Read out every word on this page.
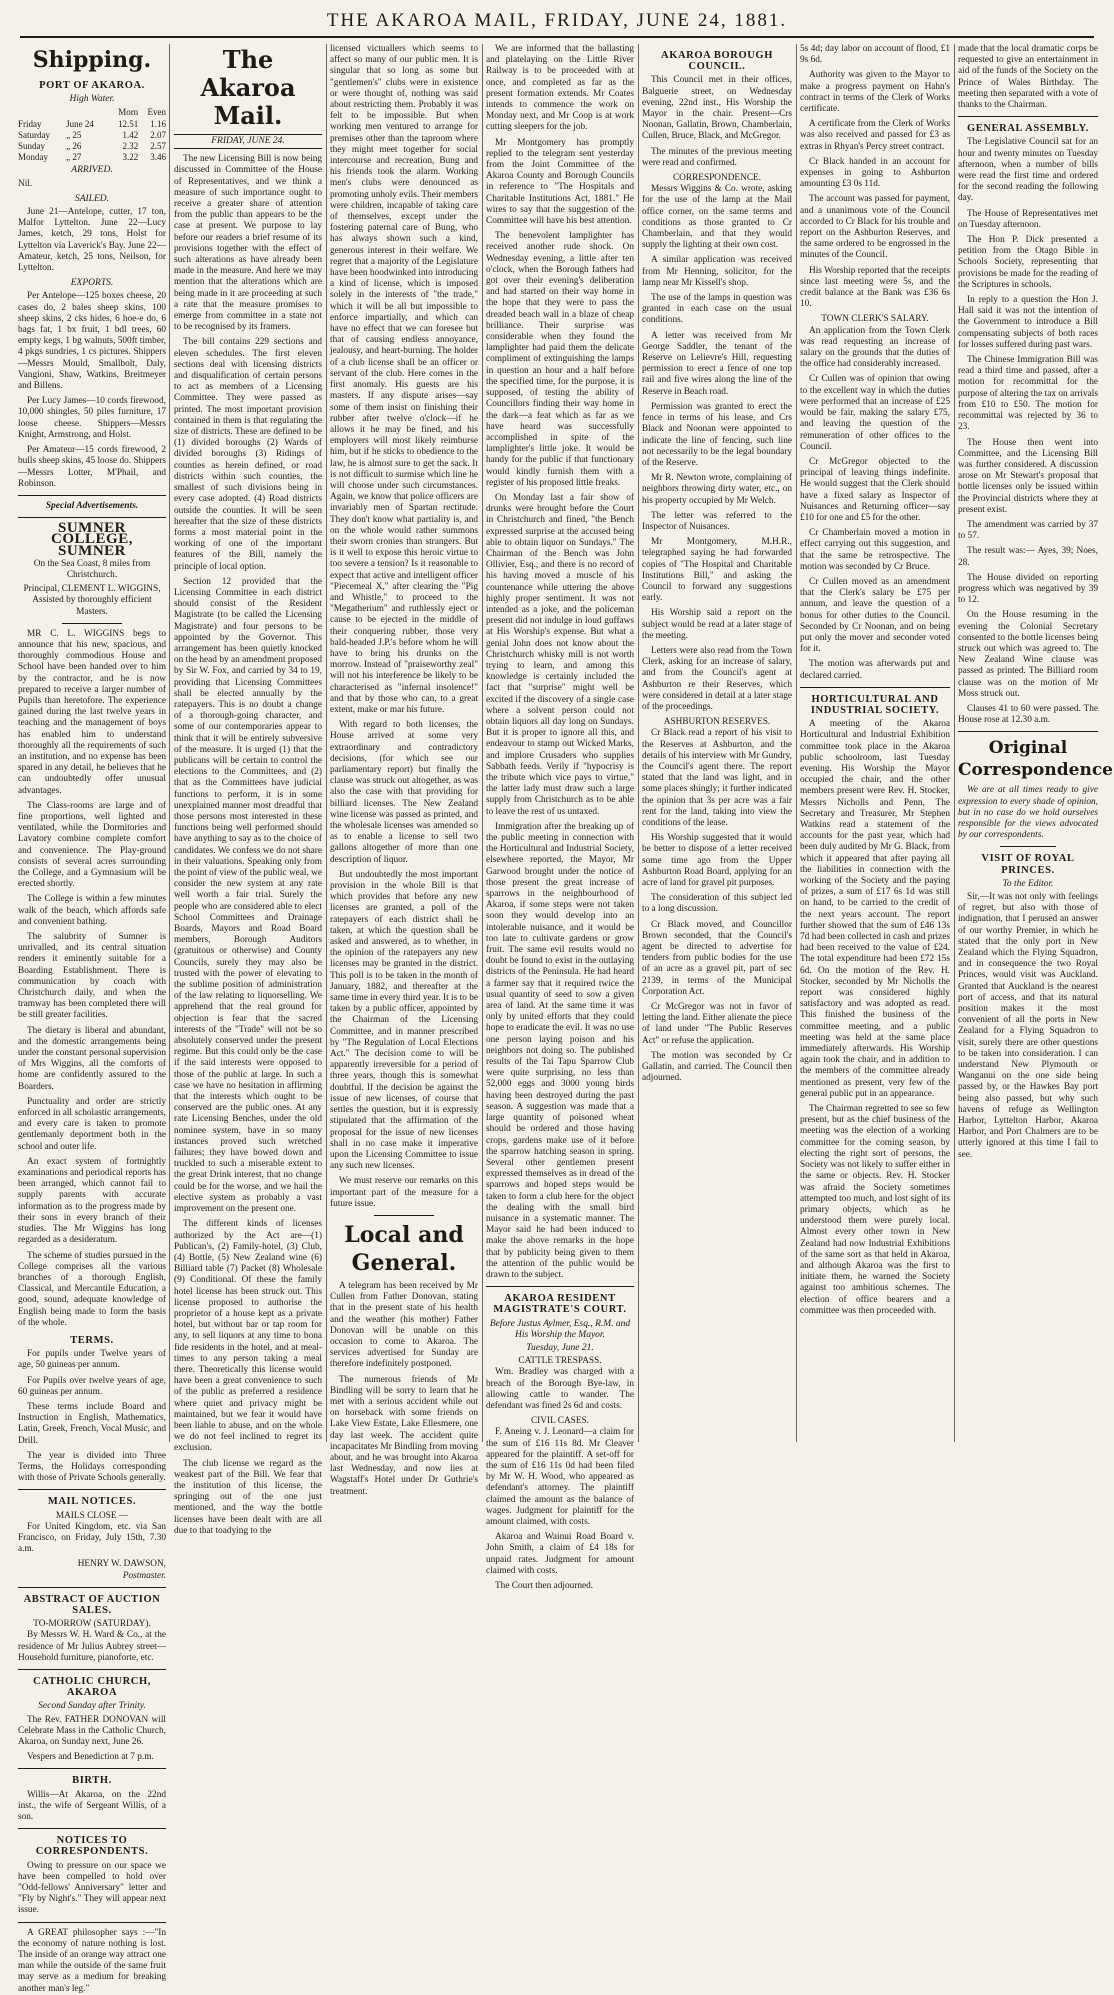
THE AKAROA MAIL, FRIDAY, JUNE 24, 1881.
Shipping.
PORT OF AKAROA.
High Water.
		Morn	Even
Friday	June 24	12.51	1.16
Saturday	„ 25	1.42	2.07
Sunday	„ 26	2.32	2.57
Monday	„ 27	3.22	3.46
ARRIVED.

Nil.

SAILED.

June 21—Antelope, cutter, 17 ton, Malfor Lyttelton. June 22—Lucy James, ketch, 29 tons, Holst for Lyttelton via Laverick's Bay. June 22—Amateur, ketch, 25 tons, Neilson, for Lyttelton.

EXPORTS.

Per Antelope—125 boxes cheese, 20 cases do, 2 bales sheep skins, 100 sheep skins, 2 cks hides, 6 hoe-e do, 6 bags fat, 1 bx fruit, 1 bdl trees, 60 empty kegs, 1 bg walnuts, 500ft timber, 4 pkgs sundries, 1 cs pictures. Shippers—Messrs Mould, Smallbolt, Daly, Vangioni, Shaw, Watkins, Breitmeyer and Billens.

Per Lucy James—10 cords firewood, 10,000 shingles, 50 piles furniture, 17 loose cheese. Shippers—Messrs Knight, Armstrong, and Holst.

Per Amateur—15 cords firewood, 2 bulls sheep skins, 45 loose do. Shippers—Messrs Lotter, M'Phail, and Robinson.

Special Advertisements.
SUMNER COLLEGE, SUMNER
On the Sea Coast, 8 miles from Christchurch.
Principal, CLEMENT L. WIGGINS,
Assisted by thoroughly efficient Masters.

MR C. L. WIGGINS begs to announce that his new, spacious, and thoroughly commodious House and School have been handed over to him by the contractor, and he is now prepared to receive a larger number of Pupils than heretofore. The experience gained during the last twelve years in teaching and the management of boys has enabled him to understand thoroughly all the requirements of such an institution, and no expense has been spared in any detail, he believes that he can undoubtedly offer unusual advantages.

The Class-rooms are large and of fine proportions, well lighted and ventilated, while the Dormitories and Lavatory combine complete comfort and convenience. The Play-ground consists of several acres surrounding the College, and a Gymnasium will be erected shortly.

The College is within a few minutes walk of the beach, which affords safe and convenient bathing.

The salubrity of Sumner is unrivalled, and its central situation renders it eminently suitable for a Boarding Establishment. There is communication by coach with Christchurch daily, and when the tramway has been completed there will be still greater facilities.

The dietary is liberal and abundant, and the domestic arrangements being under the constant personal supervision of Mrs Wiggins, all the comforts of home are confidently assured to the Boarders.

Punctuality and order are strictly enforced in all scholastic arrangements, and every care is taken to promote gentlemanly deportment both in the school and outer life.

An exact system of fortnightly examinations and periodical reports has been arranged, which cannot fail to supply parents with accurate information as to the progress made by their sons in every branch of their studies. The Mr Wiggins has long regarded as a desideratum.

The scheme of studies pursued in the College comprises all the various branches of a thorough English, Classical, and Mercantile Education, a good, sound, adequate knowledge of English being made to form the basis of the whole.

TERMS.

For pupils under Twelve years of age, 50 guineas per annum.

For Pupils over twelve years of age, 60 guineas per annum.

These terms include Board and Instruction in English, Mathematics, Latin, Greek, French, Vocal Music, and Drill.

The year is divided into Three Terms, the Holidays corresponding with those of Private Schools generally.

MAIL NOTICES.
MAILS CLOSE —

For United Kingdom, etc. via San Francisco, on Friday, July 15th, 7.30 a.m.

HENRY W. DAWSON,
Postmaster.
ABSTRACT OF AUCTION SALES.
TO-MORROW (SATURDAY).

By Messrs W. H. Ward & Co., at the residence of Mr Julius Aubrey street—Household furniture, pianoforte, etc.

CATHOLIC CHURCH, AKAROA
Second Sunday after Trinity.

The Rev. FATHER DONOVAN will Celebrate Mass in the Catholic Church, Akaroa, on Sunday next, June 26.

Vespers and Benediction at 7 p.m.

BIRTH.

Willis—At Akaroa, on the 22nd inst., the wife of Sergeant Willis, of a son.

NOTICES TO CORRESPONDENTS.

Owing to pressure on our space we have been compelled to hold over "Odd-fellows' Anniversary" letter and "Fly by Night's." They will appear next issue.

A GREAT philosopher says :—"In the economy of nature nothing is lost. The inside of an orange way attract one man while the outside of the same fruit may serve as a medium for breaking another man's leg."

The Akaroa Mail.
FRIDAY, JUNE 24.

The new Licensing Bill is now being discussed in Committee of the House of Representatives, and we think a measure of such importance ought to receive a greater share of attention from the public than appears to be the case at present. We purpose to lay before our readers a brief resume of its provisions together with the effect of such alterations as have already been made in the measure. And here we may mention that the alterations which are being made in it are proceeding at such a rate that the measure promises to emerge from committee in a state not to be recognised by its framers.

The bill contains 229 sections and eleven schedules. The first eleven sections deal with licensing districts and disqualification of certain persons to act as members of a Licensing Committee. They were passed as printed. The most important provision contained in them is that regulating the size of districts. These are defined to be (1) divided boroughs (2) Wards of divided boroughs (3) Ridings of counties as herein defined, or road districts within such counties, the smallest of such divisions being in every case adopted. (4) Road districts outside the counties. It will be seen hereafter that the size of these districts forms a most material point in the working of one of the important features of the Bill, namely the principle of local option.

Section 12 provided that the Licensing Committee in each district should consist of the Resident Magistrate (to be called the Licensing Magistrate) and four persons to be appointed by the Governor. This arrangement has been quietly knocked on the head by an amendment proposed by Sir W. Fox, and carried by 34 to 19, providing that Licensing Committees shall be elected annually by the ratepayers. This is no doubt a change of a thorough-going character, and some of our contemporaries appear to think that it will be entirely subversive of the measure. It is urged (1) that the publicans will be certain to control the elections to the Committees, and (2) that as the Committees have judicial functions to perform, it is in some unexplained manner most dreadful that those persons most interested in these functions being well performed should have anything to say as to the choice of candidates. We confess we do not share in their valuations. Speaking only from the point of view of the public weal, we consider the new system at any rate well worth a fair trial. Surely the people who are considered able to elect School Committees and Drainage Boards, Mayors and Road Board members, Borough Auditors (gratuitous or otherwise) and County Councils, surely they may also be trusted with the power of elevating to the sublime position of administration of the law relating to liquorselling. We apprehend that the real ground for objection is fear that the sacred interests of the "Trade" will not be so absolutely conserved under the present regime. But this could only be the case if the said interests were opposed to those of the public at large. In such a case we have no hesitation in affirming that the interests which ought to be conserved are the public ones. At any rate Licensing Benches, under the old nominee system, have in so many instances proved such wretched failures; they have bowed down and truckled to such a miserable extent to the great Drink interest, that no change could be for the worse, and we hail the elective system as probably a vast improvement on the present one.

The different kinds of licenses authorized by the Act are—(1) Publican's, (2) Family-hotel, (3) Club, (4) Bottle, (5) New Zealand wine (6) Billiard table (7) Packet (8) Wholesale (9) Conditional. Of these the family hotel license has been struck out. This license proposed to authorise the proprietor of a house kept as a private hotel, but without bar or tap room for any, to sell liquors at any time to bona fide residents in the hotel, and at meal-times to any person taking a meal there. Theoretically this license would have been a great convenience to such of the public as preferred a residence where quiet and privacy might be maintained, but we fear it would have been liable to abuse, and on the whole we do not feel inclined to regret its exclusion.

The club license we regard as the weakest part of the Bill. We fear that the institution of this license, the springing out of the one just mentioned, and the way the bottle licenses have been dealt with are all due to that toadying to the

licensed victuallers which seems to affect so many of our public men. It is singular that so long as some but "gentlemen's" clubs were in existence or were thought of, nothing was said about restricting them. Probably it was felt to be impossible. But when working men ventured to arrange for premises other than the taproom where they might meet together for social intercourse and recreation, Bung and his friends took the alarm. Working men's clubs were denounced as promoting unholy evils. Their members were children, incapable of taking care of themselves, except under the fostering paternal care of Bung, who has always shown such a kind, generous interest in their welfare. We regret that a majority of the Legislature have been hoodwinked into introducing a kind of license, which is imposed solely in the interests of "the trade," which it will be all but impossible to enforce impartially, and which can have no effect that we can foresee but that of causing endless annoyance, jealousy, and heart-burning. The holder of a club license shall be an officer or servant of the club. Here comes in the first anomaly. His guests are his masters. If any dispute arises—say some of them insist on finishing their rubber after twelve o'clock—if he allows it he may be fined, and his employers will most likely reimburse him, but if he sticks to obedience to the law, he is almost sure to get the sack. It is not difficult to surmise which line he will choose under such circumstances. Again, we know that police officers are invariably men of Spartan rectitude. They don't know what partiality is, and on the whole would rather summons their sworn cronies than strangers. But is it well to expose this heroic virtue to too severe a tension? Is it reasonable to expect that active and intelligent officer "Piecemeal X," after clearing the "Pig and Whistle," to proceed to the "Megatherium" and ruthlessly eject or cause to be ejected in the middle of their conquering rubber, those very bald-headed J.P.'s before whom he will have to bring his drunks on the morrow. Instead of "praiseworthy zeal" will not his interference be likely to be characterised as "infernal insolence!" and that by those who can, to a great extent, make or mar his future.

With regard to both licenses, the House arrived at some very extraordinary and contradictory decisions, (for which see our parliamentary report) but finally the clause was struck out altogether, as was also the case with that providing for billiard licenses. The New Zealand wine license was passed as printed, and the wholesale licenses was amended so as to enable a license to sell two gallons altogether of more than one description of liquor.

But undoubtedly the most important provision in the whole Bill is that which provides that before any new licenses are granted, a poll of the ratepayers of each district shall be taken, at which the question shall be asked and answered, as to whether, in the opinion of the ratepayers any new licenses may be granted in the district. This poll is to be taken in the month of January, 1882, and thereafter at the same time in every third year. It is to be taken by a public officer, appointed by the Chairman of the Licensing Committee, and in manner prescribed by "The Regulation of Local Elections Act." The decision come to will be apparently irreversible for a period of three years, though this is somewhat doubtful. If the decision be against the issue of new licenses, of course that settles the question, but it is expressly stipulated that the affirmation of the proposal for the issue of new licenses shall in no case make it imperative upon the Licensing Committee to issue any such new licenses.

We must reserve our remarks on this important part of the measure for a future issue.

Local and General.

A telegram has been received by Mr Cullen from Father Donovan, stating that in the present state of his health and the weather (his mother) Father Donovan will be unable on this occasion to come to Akaroa. The services advertised for Sunday are therefore indefinitely postponed.

The numerous friends of Mr Bindling will be sorry to learn that he met with a serious accident while out on horseback with some friends on Lake View Estate, Lake Ellesmere, one day last week. The accident quite incapacitates Mr Bindling from moving about, and he was brought into Akaroa last Wednesday, and now lies at Wagstaff's Hotel under Dr Guthrie's treatment.

We are informed that the ballasting and platelaying on the Little River Railway is to be proceeded with at once, and completed as far as the present formation extends. Mr Coates intends to commence the work on Monday next, and Mr Coop is at work cutting sleepers for the job.

Mr Montgomery has promptly replied to the telegram sent yesterday from the Joint Committee of the Akaroa County and Borough Councils in reference to "The Hospitals and Charitable Institutions Act, 1881." He wires to say that the suggestion of the Committee will have his best attention.

The benevolent lamplighter has received another rude shock. On Wednesday evening, a little after ten o'clock, when the Borough fathers had got over their evening's deliberation and had started on their way home in the hope that they were to pass the dreaded beach wall in a blaze of cheap brilliance. Their surprise was considerable when they found the lamplighter had paid them the delicate compliment of extinguishing the lamps in question an hour and a half before the specified time, for the purpose, it is supposed, of testing the ability of Councillors finding their way home in the dark—a feat which as far as we have heard was successfully accomplished in spite of the lamplighter's little joke. It would be handy for the public if that functionary would kindly furnish them with a register of his proposed little freaks.

On Monday last a fair show of drunks were brought before the Court in Christchurch and fined, "the Bench expressed surprise at the accused being able to obtain liquor on Sundays." The Chairman of the Bench was John Ollivier, Esq., and there is no record of his having moved a muscle of his countenance while uttering the above highly proper sentiment. It was not intended as a joke, and the policeman present did not indulge in loud guffaws at His Worship's expense. But what a genial John does not know about the Christchurch whisky mill is not worth trying to learn, and among this knowledge is certainly included the fact that "surprise" might well be excited if the discovery of a single case where a solvent person could not obtain liquors all day long on Sundays. But it is proper to ignore all this, and endeavour to stamp out Wicked Marks, and implore Crusaders who supplies Sabbath feeds. Verily if "hypocrisy is the tribute which vice pays to virtue," the latter lady must draw such a large supply from Christchurch as to be able to leave the rest of us untaxed.

Immigration after the breaking up of the public meeting in connection with the Horticultural and Industrial Society, elsewhere reported, the Mayor, Mr Garwood brought under the notice of those present the great increase of sparrows in the neighbourhood of Akaroa, if some steps were not taken soon they would develop into an intolerable nuisance, and it would be too late to cultivate gardens or grow fruit. The same evil results would no doubt be found to exist in the outlaying districts of the Peninsula. He had heard a farmer say that it required twice the usual quantity of seed to sow a given area of land. At the same time it was only by united efforts that they could hope to eradicate the evil. It was no use one person laying poison and his neighbors not doing so. The published results of the Tai Tapu Sparrow Club were quite surprising, no less than 52,000 eggs and 3000 young birds having been destroyed during the past season. A suggestion was made that a large quantity of poisoned wheat should be ordered and those having crops, gardens make use of it before the sparrow hatching season in spring. Several other gentlemen present expressed themselves as in dread of the sparrows and hoped steps would be taken to form a club here for the object the dealing with the small bird nuisance in a systematic manner. The Mayor said he had been induced to make the above remarks in the hope that by publicity being given to them the attention of the public would be drawn to the subject.

AKAROA RESIDENT MAGISTRATE'S COURT.
Before Justus Aylmer, Esq., R.M. and His Worship the Mayor.
Tuesday, June 21.
CATTLE TRESPASS.

Wm. Bradley was charged with a breach of the Borough Bye-law, in allowing cattle to wander. The defendant was fined 2s 6d and costs.

CIVIL CASES.

F. Aneing v. J. Leonard—a claim for the sum of £16 11s 8d. Mr Cleaver appeared for the plaintiff. A set-off for the sum of £16 11s 0d had been filed by Mr W. H. Wood, who appeared as defendant's attorney. The plaintiff claimed the amount as the balance of wages. Judgment for plaintiff for the amount claimed, with costs.

Akaroa and Wainui Road Board v. John Smith, a claim of £4 18s for unpaid rates. Judgment for amount claimed with costs.

The Court then adjourned.

AKAROA BOROUGH COUNCIL.

This Council met in their offices, Balguerie street, on Wednesday evening, 22nd inst., His Worship the Mayor in the chair. Present—Crs Noonan, Gallatin, Brown, Chamberlain, Cullen, Bruce, Black, and McGregor.

The minutes of the previous meeting were read and confirmed.

CORRESPONDENCE.

Messrs Wiggins & Co. wrote, asking for the use of the lamp at the Mail office corner, on the same terms and conditions as those granted to Cr Chamberlain, and that they would supply the lighting at their own cost.

A similar application was received from Mr Henning, solicitor, for the lamp near Mr Kissell's shop.

The use of the lamps in question was granted in each case on the usual conditions.

A letter was received from Mr George Saddler, the tenant of the Reserve on Lelievre's Hill, requesting permission to erect a fence of one top rail and five wires along the line of the Reserve in Beach road.

Permission was granted to erect the fence in terms of his lease, and Crs Black and Noonan were appointed to indicate the line of fencing, such line not necessarily to be the legal boundary of the Reserve.

Mr R. Newton wrote, complaining of neighbors throwing dirty water, etc., on his property occupied by Mr Welch.

The letter was referred to the Inspector of Nuisances.

Mr Montgomery, M.H.R., telegraphed saying he had forwarded copies of "The Hospital and Charitable Institutions Bill," and asking the Council to forward any suggestions early.

His Worship said a report on the subject would be read at a later stage of the meeting.

Letters were also read from the Town Clerk, asking for an increase of salary, and from the Council's agent at Ashburton re their Reserves, which were considered in detail at a later stage of the proceedings.

ASHBURTON RESERVES.

Cr Black read a report of his visit to the Reserves at Ashburton, and the details of his interview with Mr Gundry, the Council's agent there. The report stated that the land was light, and in some places shingly; it further indicated the opinion that 3s per acre was a fair rent for the land, taking into view the conditions of the lease.

His Worship suggested that it would be better to dispose of a letter received some time ago from the Upper Ashburton Road Board, applying for an acre of land for gravel pit purposes.

The consideration of this subject led to a long discussion.

Cr Black moved, and Councillor Brown seconded, that the Council's agent be directed to advertise for tenders from public bodies for the use of an acre as a gravel pit, part of sec 2139, in terms of the Municipal Corporation Act.

Cr McGregor was not in favor of letting the land. Either alienate the piece of land under "The Public Reserves Act" or refuse the application.

The motion was seconded by Cr Gallatin, and carried. The Council then adjourned.

5s 4d; day labor on account of flood, £1 9s 6d.

Authority was given to the Mayor to make a progress payment on Hahn's contract in terms of the Clerk of Works certificate.

A certificate from the Clerk of Works was also received and passed for £3 as extras in Rhyan's Percy street contract.

Cr Black handed in an account for expenses in going to Ashburton amounting £3 0s 11d.

The account was passed for payment, and a unanimous vote of the Council accorded to Cr Black for his trouble and report on the Ashburton Reserves, and the same ordered to be engrossed in the minutes of the Council.

His Worship reported that the receipts since last meeting were 5s, and the credit balance at the Bank was £36 6s 10.

TOWN CLERK'S SALARY.

An application from the Town Clerk was read requesting an increase of salary on the grounds that the duties of the office had considerably increased.

Cr Cullen was of opinion that owing to the excellent way in which the duties were performed that an increase of £25 would be fair, making the salary £75, and leaving the question of the remuneration of other offices to the Council.

Cr McGregor objected to the principal of leaving things indefinite. He would suggest that the Clerk should have a fixed salary as Inspector of Nuisances and Returning officer—say £10 for one and £5 for the other.

Cr Chamberlain moved a motion in effect carrying out this suggestion, and that the same be retrospective. The motion was seconded by Cr Bruce.

Cr Cullen moved as an amendment that the Clerk's salary be £75 per annum, and leave the question of a bonus for other duties to the Council. Seconded by Cr Noonan, and on being put only the mover and seconder voted for it.

The motion was afterwards put and declared carried.

HORTICULTURAL AND INDUSTRIAL SOCIETY.

A meeting of the Akaroa Horticultural and Industrial Exhibition committee took place in the Akaroa public schoolroom, last Tuesday evening. His Worship the Mayor occupied the chair, and the other members present were Rev. H. Stocker, Messrs Nicholls and Penn, The Secretary and Treasurer, Mr Stephen Watkins read a statement of the accounts for the past year, which had been duly audited by Mr G. Black, from which it appeared that after paying all the liabilities in connection with the working of the Society and the paying of prizes, a sum of £17 6s 1d was still on hand, to be carried to the credit of the next years account. The report further showed that the sum of £46 13s 7d had been collected in cash and prizes had been received to the value of £24. The total expenditure had been £72 15s 6d. On the motion of the Rev. H. Stocker, seconded by Mr Nicholls the report was considered highly satisfactory and was adopted as read. This finished the business of the committee meeting, and a public meeting was held at the same place immediately afterwards. His Worship again took the chair, and in addition to the members of the committee already mentioned as present, very few of the general public put in an appearance.

The Chairman regretted to see so few present, but as the chief business of the meeting was the election of a working committee for the coming season, by electing the right sort of persons, the Society was not likely to suffer either in the same or objects. Rev. H. Stocker was afraid the Society sometimes attempted too much, and lost sight of its primary objects, which as he understood them were purely local. Almost every other town in New Zealand had now Industrial Exhibitions of the same sort as that held in Akaroa, and although Akaroa was the first to initiate them, he warned the Society against too ambitious schemes. The election of office bearers and a committee was then proceeded with.

made that the local dramatic corps be requested to give an entertainment in aid of the funds of the Society on the Prince of Wales Birthday. The meeting then separated with a vote of thanks to the Chairman.

GENERAL ASSEMBLY.

The Legislative Council sat for an hour and twenty minutes on Tuesday afternoon, when a number of bills were read the first time and ordered for the second reading the following day.

The House of Representatives met on Tuesday afternoon.

The Hon P. Dick presented a petition from the Otago Bible in Schools Society, representing that provisions be made for the reading of the Scriptures in schools.

In reply to a question the Hon J. Hall said it was not the intention of the Government to introduce a Bill compensating subjects of both races for losses suffered during past wars.

The Chinese Immigration Bill was read a third time and passed, after a motion for recommittal for the purpose of altering the tax on arrivals from £10 to £50. The motion for recommittal was rejected by 36 to 23.

The House then went into Committee, and the Licensing Bill was further considered. A discussion arose on Mr Stewart's proposal that bottle licenses only be issued within the Provincial districts where they at present exist.

The amendment was carried by 37 to 57.

The result was:— Ayes, 39; Noes, 28.

The House divided on reporting progress which was negatived by 39 to 12.

On the House resuming in the evening the Colonial Secretary consented to the bottle licenses being struck out which was agreed to. The New Zealand Wine clause was passed as printed. The Billiard room clause was on the motion of Mr Moss struck out.

Clauses 41 to 60 were passed. The House rose at 12.30 a.m.

Original Correspondence

We are at all times ready to give expression to every shade of opinion, but in no case do we hold ourselves responsible for the views advocated by our correspondents.

VISIT OF ROYAL PRINCES.
To the Editor.

Sir,—It was not only with feelings of regret, but also with those of indignation, that I perused an answer of our worthy Premier, in which he stated that the only port in New Zealand which the Flying Squadron, and in consequence the two Royal Princes, would visit was Auckland. Granted that Auckland is the nearest port of access, and that its natural position makes it the most convenient of all the ports in New Zealand for a Flying Squadron to visit, surely there are other questions to be taken into consideration. I can understand New Plymouth or Wanganui on the one side being passed by, or the Hawkes Bay port being also passed, but why such havens of refuge as Wellington Harbor, Lyttelton Harbor, Akaroa Harbor, and Port Chalmers are to be utterly ignored at this time I fail to see.
